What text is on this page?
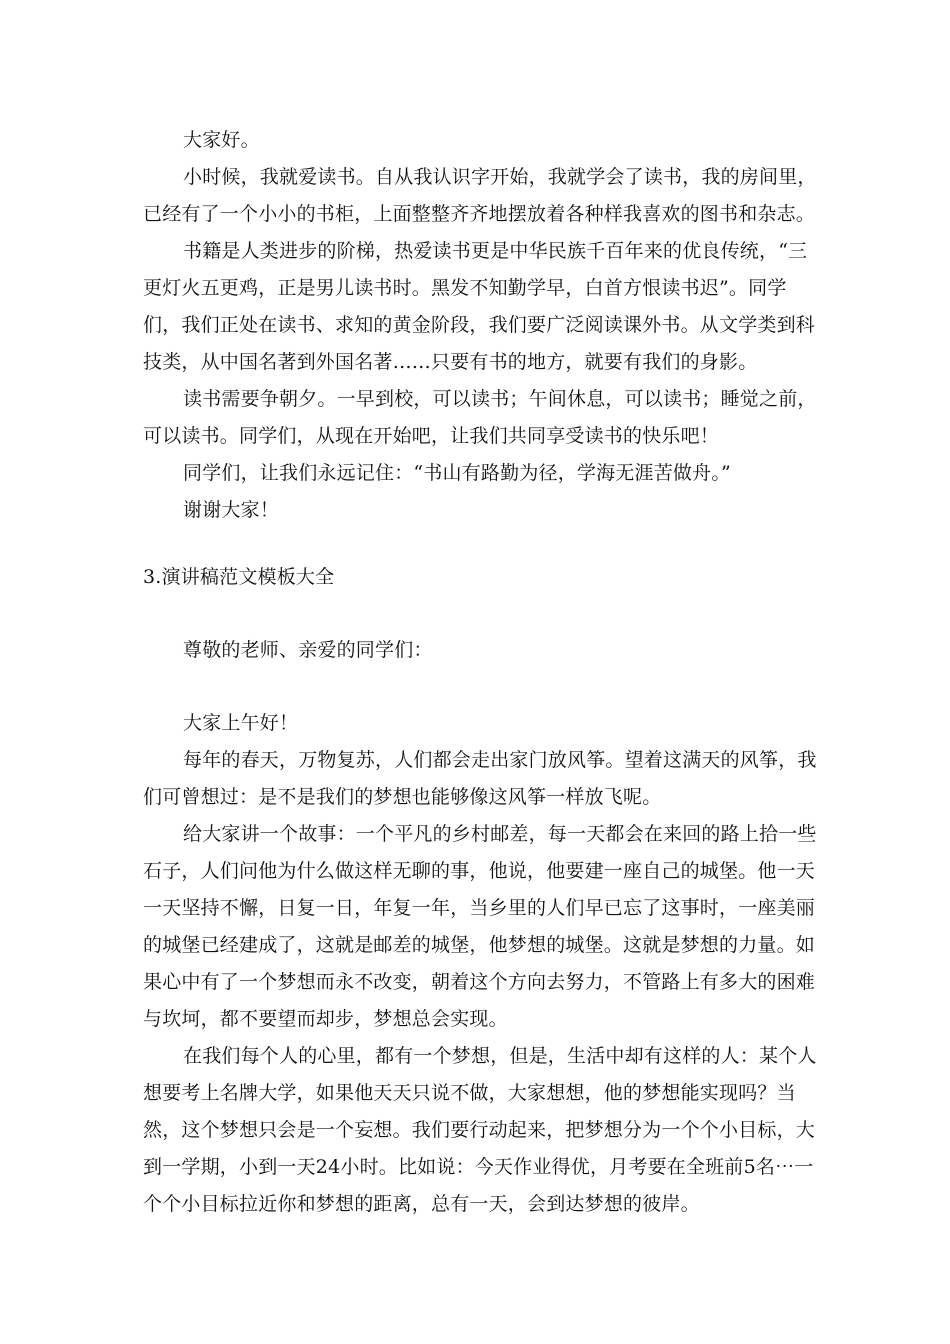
大家好。

小时候，我就爱读书。自从我认识字开始，我就学会了读书，我的房间里，已经有了一个小小的书柜，上面整整齐齐地摆放着各种样我喜欢的图书和杂志。

书籍是人类进步的阶梯，热爱读书更是中华民族千百年来的优良传统，“三更灯火五更鸡，正是男儿读书时。黑发不知勤学早，白首方恨读书迟”。同学们，我们正处在读书、求知的黄金阶段，我们要广泛阅读课外书。从文学类到科技类，从中国名著到外国名著……只要有书的地方，就要有我们的身影。

读书需要争朝夕。一早到校，可以读书；午间休息，可以读书；睡觉之前，可以读书。同学们，从现在开始吧，让我们共同享受读书的快乐吧！

同学们，让我们永远记住：“书山有路勤为径，学海无涯苦做舟。”

谢谢大家！

3.演讲稿范文模板大全

尊敬的老师、亲爱的同学们：

大家上午好！

每年的春天，万物复苏，人们都会走出家门放风筝。望着这满天的风筝，我们可曾想过：是不是我们的梦想也能够像这风筝一样放飞呢。

给大家讲一个故事：一个平凡的乡村邮差，每一天都会在来回的路上拾一些石子，人们问他为什么做这样无聊的事，他说，他要建一座自己的城堡。他一天一天坚持不懈，日复一日，年复一年，当乡里的人们早已忘了这事时，一座美丽的城堡已经建成了，这就是邮差的城堡，他梦想的城堡。这就是梦想的力量。如果心中有了一个梦想而永不改变，朝着这个方向去努力，不管路上有多大的困难与坎坷，都不要望而却步，梦想总会实现。

在我们每个人的心里，都有一个梦想，但是，生活中却有这样的人：某个人想要考上名牌大学，如果他天天只说不做，大家想想，他的梦想能实现吗？当然，这个梦想只会是一个妄想。我们要行动起来，把梦想分为一个个小目标，大到一学期，小到一天24小时。比如说：今天作业得优，月考要在全班前5名⋯一个个小目标拉近你和梦想的距离，总有一天，会到达梦想的彼岸。
